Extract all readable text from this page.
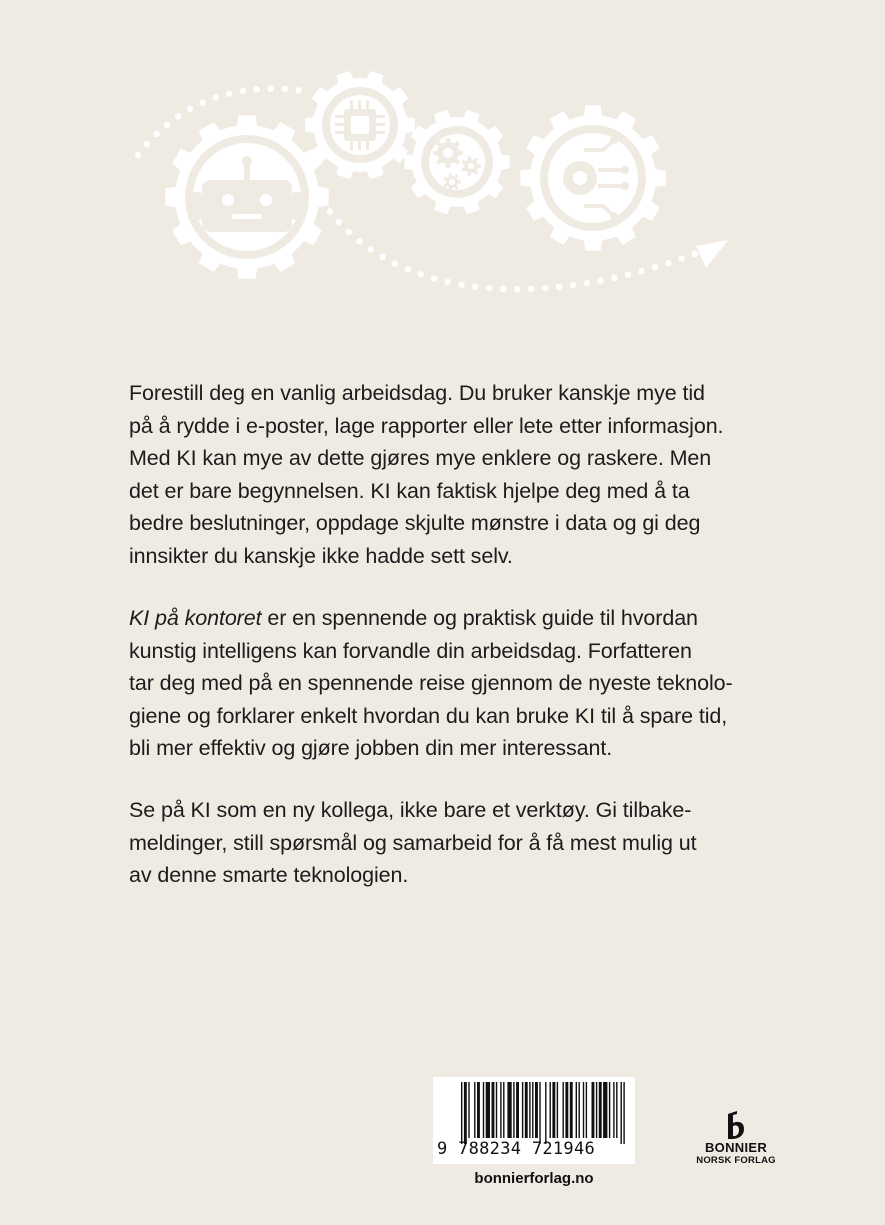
Forestill deg en vanlig arbeidsdag. Du bruker kanskje mye tid
på å rydde i e-poster, lage rapporter eller lete etter informasjon.
Med KI kan mye av dette gjøres mye enklere og raskere. Men
det er bare begynnelsen. KI kan faktisk hjelpe deg med å ta
bedre beslutninger, oppdage skjulte mønstre i data og gi deg
innsikter du kanskje ikke hadde sett selv.

KI på kontoret er en spennende og praktisk guide til hvordan
kunstig intelligens kan forvandle din arbeidsdag. Forfatteren
tar deg med på en spennende reise gjennom de nyeste teknolo-
giene og forklarer enkelt hvordan du kan bruke KI til å spare tid,
bli mer effektiv og gjøre jobben din mer interessant.

Se på KI som en ny kollega, ikke bare et verktøy. Gi tilbake-
meldinger, still spørsmål og samarbeid for å få mest mulig ut
av denne smarte teknologien.

9 788234 721946
bonnierforlag.no
BONNIER
NORSK FORLAG
